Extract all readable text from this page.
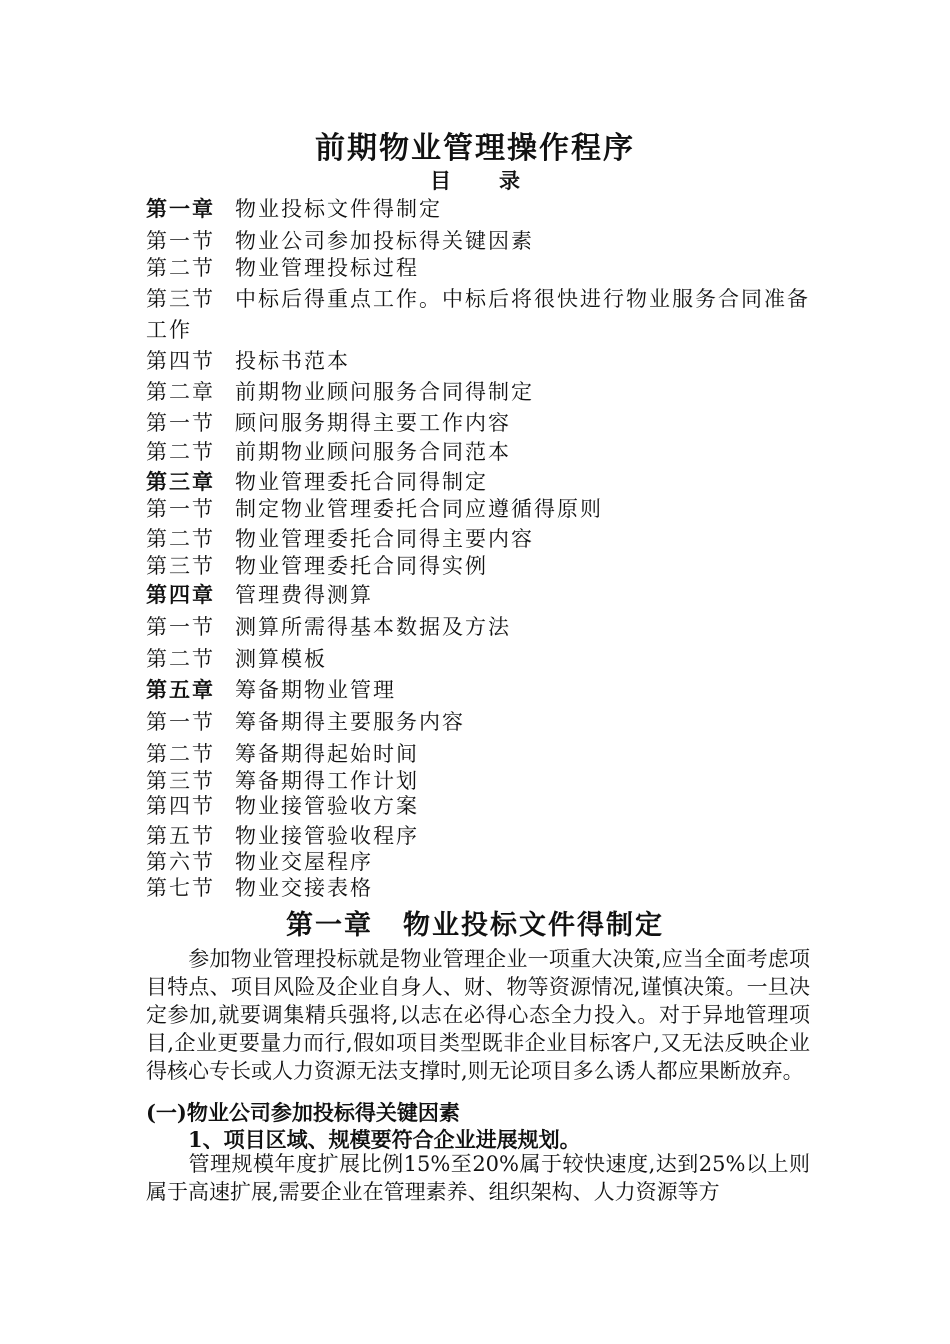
前期物业管理操作程序
目 录
第一章 物业投标文件得制定
第一节 物业公司参加投标得关键因素
第二节 物业管理投标过程
第三节 中标后得重点工作。中标后将很快进行物业服务合同准备
工作
第四节 投标书范本
第二章 前期物业顾问服务合同得制定
第一节 顾问服务期得主要工作内容
第二节 前期物业顾问服务合同范本
第三章 物业管理委托合同得制定
第一节 制定物业管理委托合同应遵循得原则
第二节 物业管理委托合同得主要内容
第三节 物业管理委托合同得实例
第四章 管理费得测算
第一节 测算所需得基本数据及方法
第二节 测算模板
第五章 筹备期物业管理
第一节 筹备期得主要服务内容
第二节 筹备期得起始时间
第三节 筹备期得工作计划
第四节 物业接管验收方案
第五节 物业接管验收程序
第六节 物业交屋程序
第七节 物业交接表格
第一章 物业投标文件得制定

参加物业管理投标就是物业管理企业一项重大决策,应当全面考虑项目特点、项目风险及企业自身人、财、物等资源情况,谨慎决策。一旦决定参加,就要调集精兵强将,以志在必得心态全力投入。对于异地管理项目,企业更要量力而行,假如项目类型既非企业目标客户,又无法反映企业得核心专长或人力资源无法支撑时,则无论项目多么诱人都应果断放弃。

(一)物业公司参加投标得关键因素
1、项目区域、规模要符合企业进展规划。

管理规模年度扩展比例15%至20%属于较快速度,达到25%以上则属于高速扩展,需要企业在管理素养、组织架构、人力资源等方
